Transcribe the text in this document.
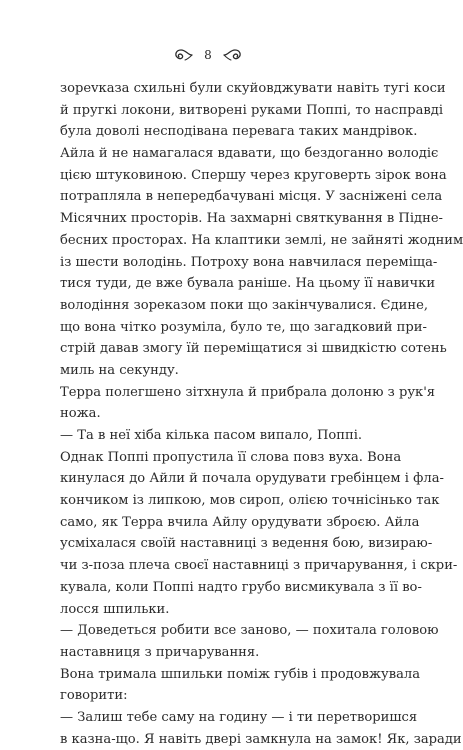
8
зорevказа схильні були скуйовджувати навіть тугі коси
й пругкі локони, витворені руками Поппі, то насправді
була доволі несподівана перевага таких мандрівок.
Айла й не намагалася вдавати, що бездоганно володіє
цією штуковиною. Спершу через круговерть зірок вона
потрапляла в непередбачувані місця. У засніжені села
Місячних просторів. На захмарні святкування в Підне-
бесних просторах. На клаптики землі, не зайняті жодним
із шести володінь. Потроху вона навчилася переміща-
тися туди, де вже бувала раніше. На цьому її навички
володіння зореказом поки що закінчувалися. Єдине,
що вона чітко розуміла, було те, що загадковий при-
стрій давав змогу їй переміщатися зі швидкістю сотень
миль на секунду.
Терра полегшено зітхнула й прибрала долоню з рук'я
ножа.
— Та в неї хіба кілька пасом випало, Поппі.
Однак Поппі пропустила її слова повз вуха. Вона
кинулася до Айли й почала орудувати гребінцем і фла-
кончиком із липкою, мов сироп, олією точнісінько так
само, як Терра вчила Айлу орудувати зброєю. Айла
усміхалася своїй наставниці з ведення бою, визираю-
чи з-поза плеча своєї наставниці з причарування, і скри-
кувала, коли Поппі надто грубо висмикувала з її во-
лосся шпильки.
— Доведеться робити все заново, — похитала головою
наставниця з причарування.
Вона тримала шпильки поміж губів і продовжувала
говорити:
— Залиш тебе саму на годину — і ти перетворишся
в казна-що. Я навіть двері замкнула на замок! Як, заради
